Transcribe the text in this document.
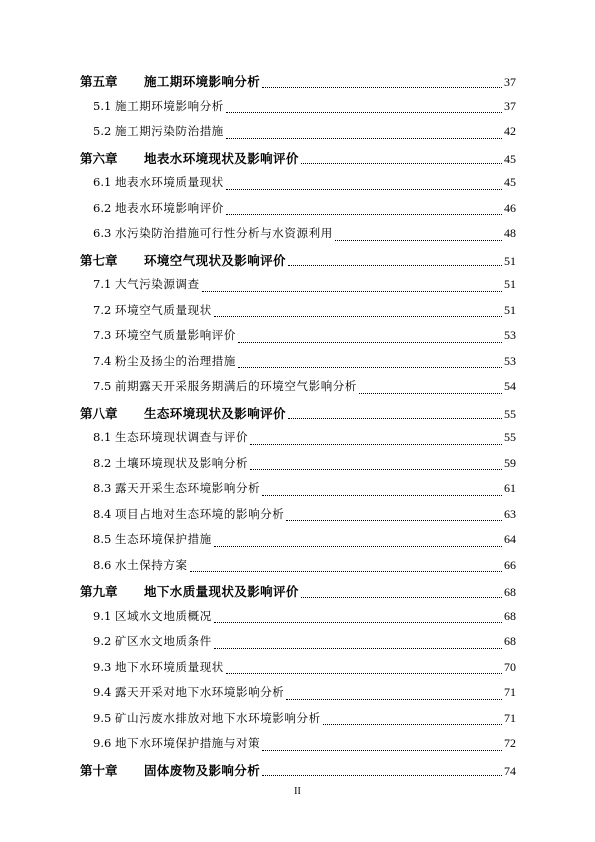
第五章	施工期环境影响分析	37
5.1 施工期环境影响分析	37
5.2 施工期污染防治措施	42
第六章	地表水环境现状及影响评价	45
6.1 地表水环境质量现状	45
6.2 地表水环境影响评价	46
6.3 水污染防治措施可行性分析与水资源利用	48
第七章	环境空气现状及影响评价	51
7.1 大气污染源调查	51
7.2 环境空气质量现状	51
7.3 环境空气质量影响评价	53
7.4 粉尘及扬尘的治理措施	53
7.5 前期露天开采服务期满后的环境空气影响分析	54
第八章	生态环境现状及影响评价	55
8.1 生态环境现状调查与评价	55
8.2 土壤环境现状及影响分析	59
8.3 露天开采生态环境影响分析	61
8.4 项目占地对生态环境的影响分析	63
8.5 生态环境保护措施	64
8.6 水土保持方案	66
第九章	地下水质量现状及影响评价	68
9.1 区域水文地质概况	68
9.2 矿区水文地质条件	68
9.3 地下水环境质量现状	70
9.4 露天开采对地下水环境影响分析	71
9.5 矿山污废水排放对地下水环境影响分析	71
9.6 地下水环境保护措施与对策	72
第十章	固体废物及影响分析	74
II
